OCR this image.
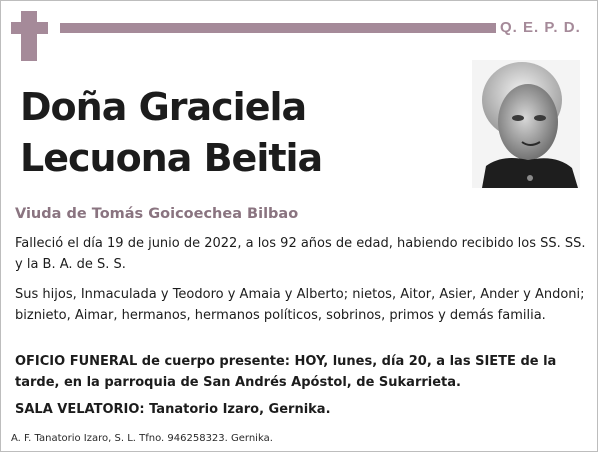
Q. E. P. D.
Doña Graciela
Lecuona Beitia
Viuda de Tomás Goicoechea Bilbao
Falleció el día 19 de junio de 2022, a los 92 años de edad, habiendo recibido los SS. SS. y la B. A. de S. S.
Sus hijos, Inmaculada y Teodoro y Amaia y Alberto; nietos, Aitor, Asier, Ander y Andoni; biznieto, Aimar, hermanos, hermanos políticos, sobrinos, primos y demás familia.
OFICIO FUNERAL de cuerpo presente: HOY, lunes, día 20, a las SIETE de la tarde, en la parroquia de San Andrés Apóstol, de Sukarrieta.
SALA VELATORIO: Tanatorio Izaro, Gernika.
A. F. Tanatorio Izaro, S. L. Tfno. 946258323. Gernika.
